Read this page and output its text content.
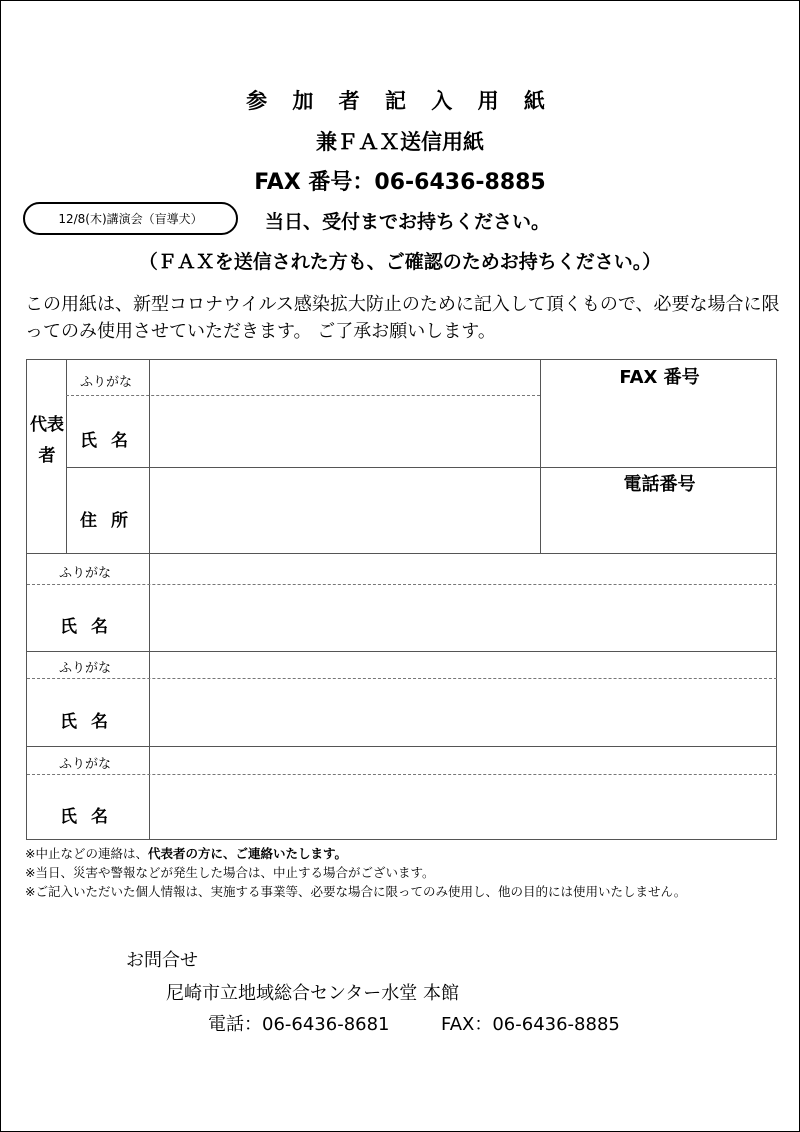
参 加 者 記 入 用 紙
兼ＦＡＸ送信用紙
FAX 番号：06-6436-8885
12/8(木)講演会（盲導犬）	当日、受付までお持ちください。
（ＦＡＸを送信された方も、ご確認のためお持ちください。）
この用紙は、新型コロナウイルス感染拡大防止のために記入して頂くもので、必要な場合に限ってのみ使用させていただきます。 ご了承お願いします。
代表者
ふりがな
氏名
住所
FAX 番号
電話番号
ふりがな
氏名
ふりがな
氏名
ふりがな
氏名
※中止などの連絡は、代表者の方に、ご連絡いたします。
※当日、災害や警報などが発生した場合は、中止する場合がございます。
※ご記入いただいた個人情報は、実施する事業等、必要な場合に限ってのみ使用し、他の目的には使用いたしません。
お問合せ
尼崎市立地域総合センター水堂 本館
電話：06-6436-8681	FAX：06-6436-8885
